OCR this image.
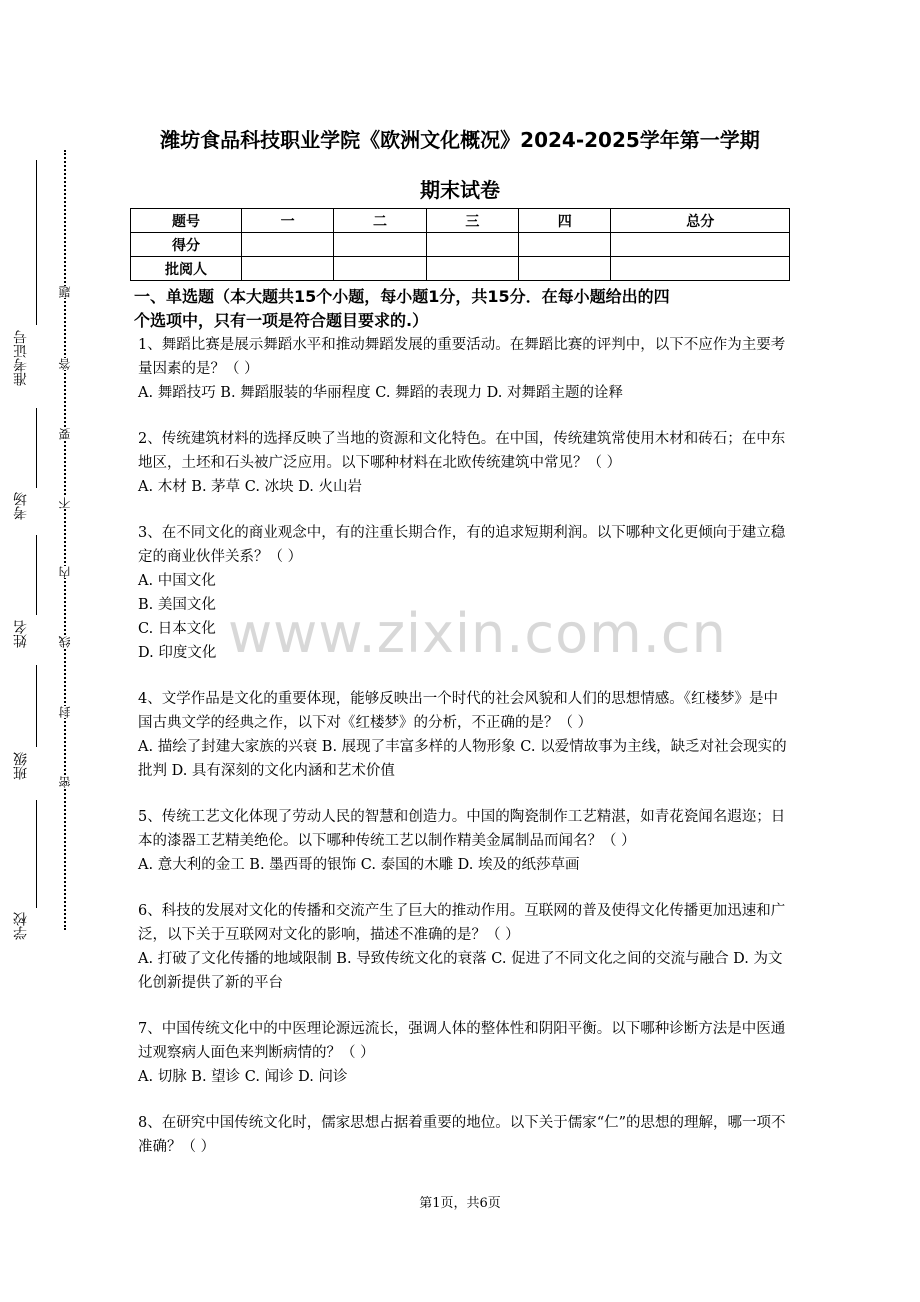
准考证号
考场
姓名
班级
学校
题
答
要
不
内
线
封
密
潍坊食品科技职业学院《欧洲文化概况》2024-2025学年第一学期
期末试卷
题号	一	二	三	四	总分
得分					
批阅人					
www.zixin.com.cn
一、单选题（本大题共15个小题，每小题1分，共15分．在每小题给出的四
个选项中，只有一项是符合题目要求的.）

1、舞蹈比赛是展示舞蹈水平和推动舞蹈发展的重要活动。在舞蹈比赛的评判中，以下不应作为主要考量因素的是？（ ）

A. 舞蹈技巧 B. 舞蹈服装的华丽程度 C. 舞蹈的表现力 D. 对舞蹈主题的诠释

2、传统建筑材料的选择反映了当地的资源和文化特色。在中国，传统建筑常使用木材和砖石；在中东地区，土坯和石头被广泛应用。以下哪种材料在北欧传统建筑中常见？（ ）

A. 木材 B. 茅草 C. 冰块 D. 火山岩

3、在不同文化的商业观念中，有的注重长期合作，有的追求短期利润。以下哪种文化更倾向于建立稳定的商业伙伴关系？（ ）

A. 中国文化

B. 美国文化

C. 日本文化

D. 印度文化

4、文学作品是文化的重要体现，能够反映出一个时代的社会风貌和人们的思想情感。《红楼梦》是中国古典文学的经典之作，以下对《红楼梦》的分析，不正确的是？（ ）

A. 描绘了封建大家族的兴衰 B. 展现了丰富多样的人物形象 C. 以爱情故事为主线，缺乏对社会现实的批判 D. 具有深刻的文化内涵和艺术价值

5、传统工艺文化体现了劳动人民的智慧和创造力。中国的陶瓷制作工艺精湛，如青花瓷闻名遐迩；日本的漆器工艺精美绝伦。以下哪种传统工艺以制作精美金属制品而闻名？（ ）

A. 意大利的金工 B. 墨西哥的银饰 C. 泰国的木雕 D. 埃及的纸莎草画

6、科技的发展对文化的传播和交流产生了巨大的推动作用。互联网的普及使得文化传播更加迅速和广泛，以下关于互联网对文化的影响，描述不准确的是？（ ）

A. 打破了文化传播的地域限制 B. 导致传统文化的衰落 C. 促进了不同文化之间的交流与融合 D. 为文化创新提供了新的平台

7、中国传统文化中的中医理论源远流长，强调人体的整体性和阴阳平衡。以下哪种诊断方法是中医通过观察病人面色来判断病情的？（ ）

A. 切脉 B. 望诊 C. 闻诊 D. 问诊

8、在研究中国传统文化时，儒家思想占据着重要的地位。以下关于儒家“仁”的思想的理解，哪一项不准确？（ ）

第1页，共6页
